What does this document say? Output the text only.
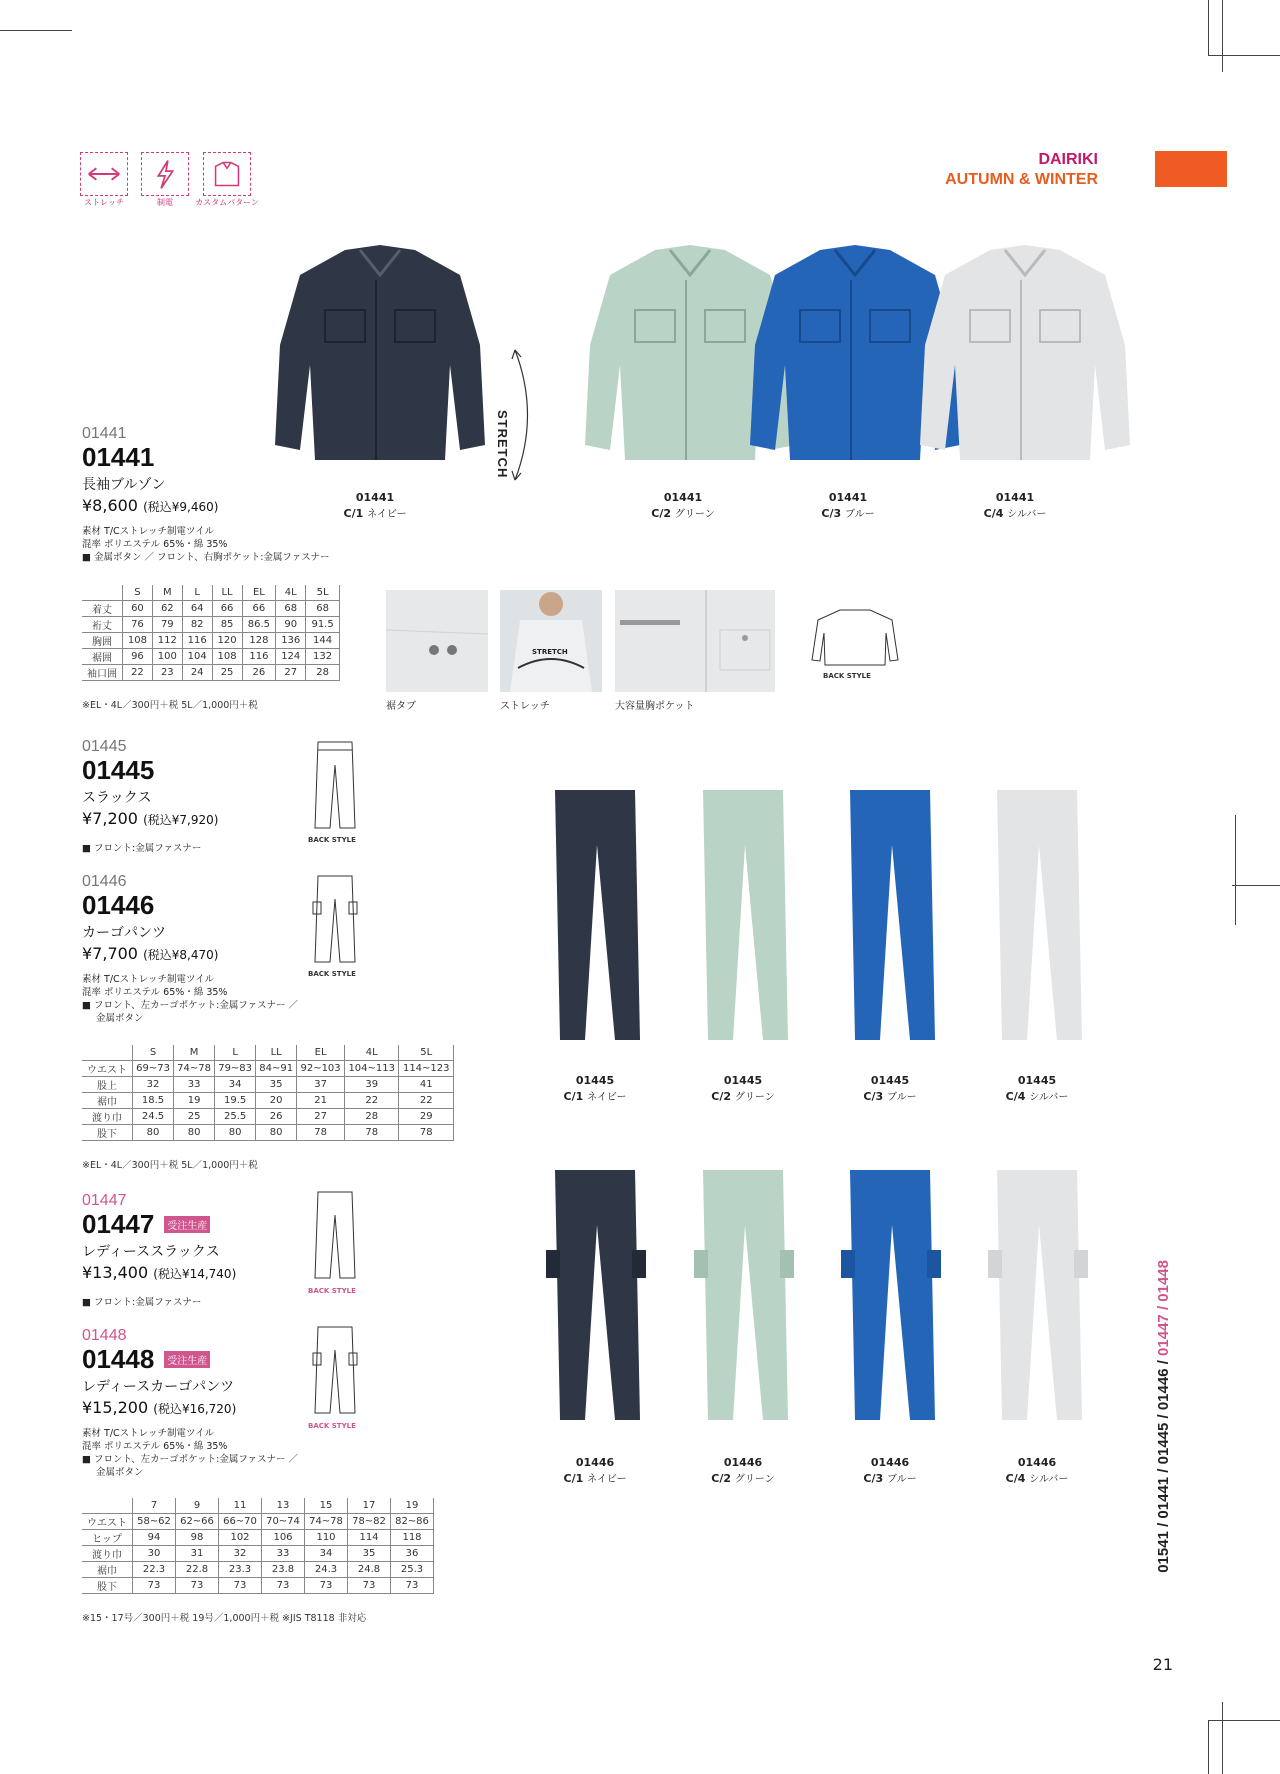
ストレッチ	制電	カスタムパターン
DAIRIKI
AUTUMN & WINTER
01441
01441
長袖ブルゾン
¥8,600 (税込¥9,460)
素材 T/Cストレッチ制電ツイル
混率 ポリエステル 65%・綿 35%
■ 金属ボタン ／ フロント、右胸ポケット:金属ファスナー
	S	M	L	LL	EL	4L	5L
着丈	60	62	64	66	66	68	68
裄丈	76	79	82	85	86.5	90	91.5
胸囲	108	112	116	120	128	136	144
裾囲	96	100	104	108	116	124	132
袖口囲	22	23	24	25	26	27	28
※EL・4L／300円＋税 5L／1,000円＋税
STRETCH
01441
C/1 ネイビー
01441
C/2 グリーン
01441
C/3 ブルー
01441
C/4 シルバー
裾タブ
STRETCH
ストレッチ	大容量胸ポケット
BACK STYLE
01445
01445
スラックス
¥7,200 (税込¥7,920)
■ フロント:金属ファスナー
BACK STYLE
01446
01446
カーゴパンツ
¥7,700 (税込¥8,470)
素材 T/Cストレッチ制電ツイル
混率 ポリエステル 65%・綿 35%
■ フロント、左カーゴポケット:金属ファスナー ／
金属ボタン
BACK STYLE
	S	M	L	LL	EL	4L	5L
ウエスト	69~73	74~78	79~83	84~91	92~103	104~113	114~123
股上	32	33	34	35	37	39	41
裾巾	18.5	19	19.5	20	21	22	22
渡り巾	24.5	25	25.5	26	27	28	29
股下	80	80	80	80	78	78	78
※EL・4L／300円＋税 5L／1,000円＋税
01447
01447	受注生産
レディーススラックス
¥13,400 (税込¥14,740)
■ フロント:金属ファスナー
BACK STYLE
01448
01448	受注生産
レディースカーゴパンツ
¥15,200 (税込¥16,720)
素材 T/Cストレッチ制電ツイル
混率 ポリエステル 65%・綿 35%
■ フロント、左カーゴポケット:金属ファスナー ／
金属ボタン
BACK STYLE
	7	9	11	13	15	17	19
ウエスト	58~62	62~66	66~70	70~74	74~78	78~82	82~86
ヒップ	94	98	102	106	110	114	118
渡り巾	30	31	32	33	34	35	36
裾巾	22.3	22.8	23.3	23.8	24.3	24.8	25.3
股下	73	73	73	73	73	73	73
※15・17号／300円＋税 19号／1,000円＋税 ※JIS T8118 非対応
01445
C/1 ネイビー
01445
C/2 グリーン
01445
C/3 ブルー
01445
C/4 シルバー
01446
C/1 ネイビー
01446
C/2 グリーン
01446
C/3 ブルー
01446
C/4 シルバー	01541 / 01441 / 01445 / 01446 / 01447 / 01448
21
